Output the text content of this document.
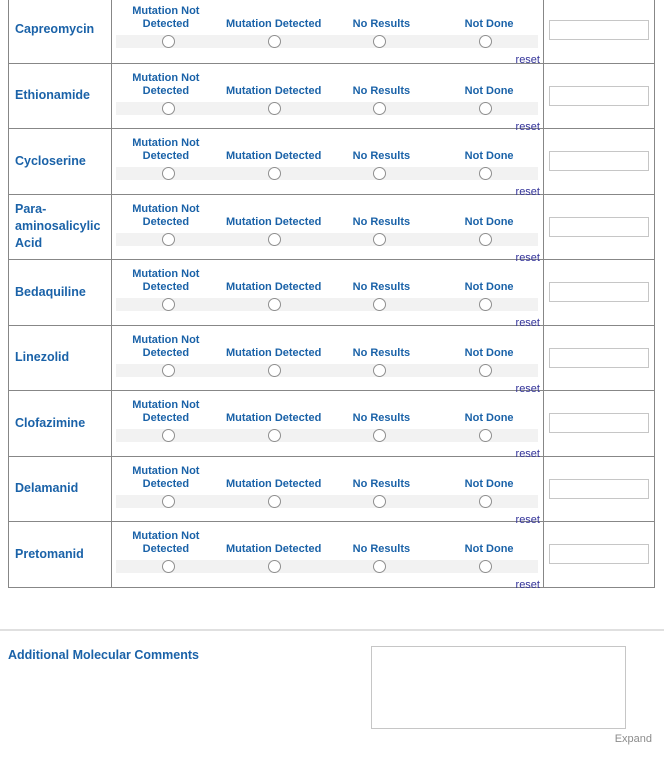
Capreomycin
Mutation Not Detected	Mutation Detected	No Results	Not Done
reset
Ethionamide
Mutation Not Detected	Mutation Detected	No Results	Not Done
reset
Cycloserine
Mutation Not Detected	Mutation Detected	No Results	Not Done
reset
Para-aminosalicylic Acid
Mutation Not Detected	Mutation Detected	No Results	Not Done
reset
Bedaquiline
Mutation Not Detected	Mutation Detected	No Results	Not Done
reset
Linezolid
Mutation Not Detected	Mutation Detected	No Results	Not Done
reset
Clofazimine
Mutation Not Detected	Mutation Detected	No Results	Not Done
reset
Delamanid
Mutation Not Detected	Mutation Detected	No Results	Not Done
reset
Pretomanid
Mutation Not Detected	Mutation Detected	No Results	Not Done
reset
Additional Molecular Comments
Expand
